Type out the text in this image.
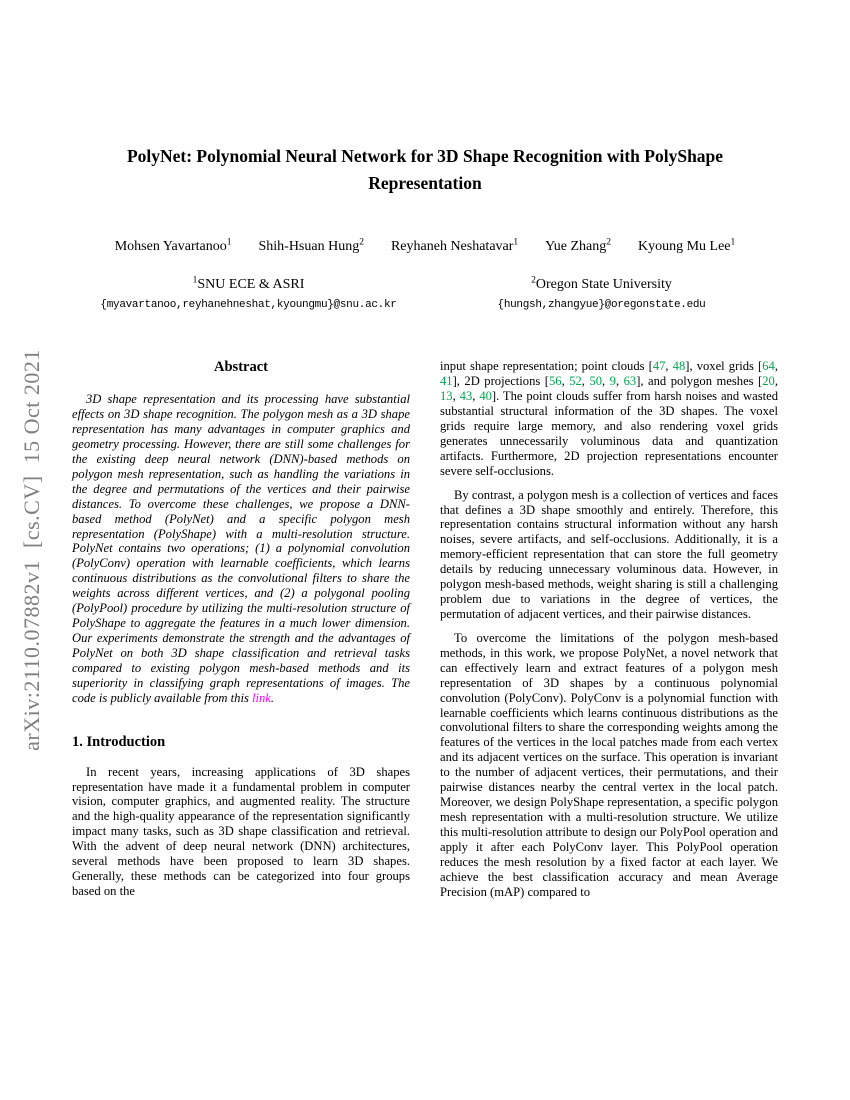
arXiv:2110.07882v1  [cs.CV]  15 Oct 2021
PolyNet: Polynomial Neural Network for 3D Shape Recognition with PolyShape Representation
Mohsen Yavartanoo$^1$ Shih-Hsuan Hung$^2$ Reyhaneh Neshatavar$^1$ Yue Zhang$^2$ Kyoung Mu Lee$^1$
$^1$SNU ECE & ASRI	$^2$Oregon State University
{myavartanoo,reyhanehneshat,kyoungmu}@snu.ac.kr	{hungsh,zhangyue}@oregonstate.edu
Abstract

3D shape representation and its processing have substantial effects on 3D shape recognition. The polygon mesh as a 3D shape representation has many advantages in computer graphics and geometry processing. However, there are still some challenges for the existing deep neural network (DNN)-based methods on polygon mesh representation, such as handling the variations in the degree and permutations of the vertices and their pairwise distances. To overcome these challenges, we propose a DNN-based method (PolyNet) and a specific polygon mesh representation (PolyShape) with a multi-resolution structure. PolyNet contains two operations; (1) a polynomial convolution (PolyConv) operation with learnable coefficients, which learns continuous distributions as the convolutional filters to share the weights across different vertices, and (2) a polygonal pooling (PolyPool) procedure by utilizing the multi-resolution structure of PolyShape to aggregate the features in a much lower dimension. Our experiments demonstrate the strength and the advantages of PolyNet on both 3D shape classification and retrieval tasks compared to existing polygon mesh-based methods and its superiority in classifying graph representations of images. The code is publicly available from this link.

1. Introduction

In recent years, increasing applications of 3D shapes representation have made it a fundamental problem in computer vision, computer graphics, and augmented reality. The structure and the high-quality appearance of the representation significantly impact many tasks, such as 3D shape classification and retrieval. With the advent of deep neural network (DNN) architectures, several methods have been proposed to learn 3D shapes. Generally, these methods can be categorized into four groups based on the

input shape representation; point clouds [47, 48], voxel grids [64, 41], 2D projections [56, 52, 50, 9, 63], and polygon meshes [20, 13, 43, 40]. The point clouds suffer from harsh noises and wasted substantial structural information of the 3D shapes. The voxel grids require large memory, and also rendering voxel grids generates unnecessarily voluminous data and quantization artifacts. Furthermore, 2D projection representations encounter severe self-occlusions.

By contrast, a polygon mesh is a collection of vertices and faces that defines a 3D shape smoothly and entirely. Therefore, this representation contains structural information without any harsh noises, severe artifacts, and self-occlusions. Additionally, it is a memory-efficient representation that can store the full geometry details by reducing unnecessary voluminous data. However, in polygon mesh-based methods, weight sharing is still a challenging problem due to variations in the degree of vertices, the permutation of adjacent vertices, and their pairwise distances.

To overcome the limitations of the polygon mesh-based methods, in this work, we propose PolyNet, a novel network that can effectively learn and extract features of a polygon mesh representation of 3D shapes by a continuous polynomial convolution (PolyConv). PolyConv is a polynomial function with learnable coefficients which learns continuous distributions as the convolutional filters to share the corresponding weights among the features of the vertices in the local patches made from each vertex and its adjacent vertices on the surface. This operation is invariant to the number of adjacent vertices, their permutations, and their pairwise distances nearby the central vertex in the local patch. Moreover, we design PolyShape representation, a specific polygon mesh representation with a multi-resolution structure. We utilize this multi-resolution attribute to design our PolyPool operation and apply it after each PolyConv layer. This PolyPool operation reduces the mesh resolution by a fixed factor at each layer. We achieve the best classification accuracy and mean Average Precision (mAP) compared to
